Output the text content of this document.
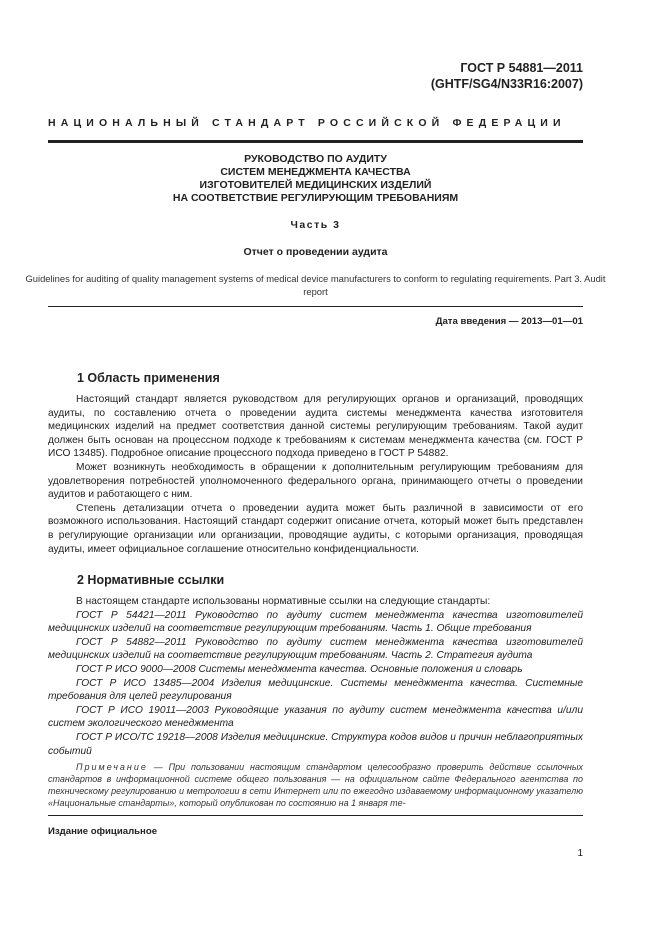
ГОСТ Р 54881—2011
(GHTF/SG4/N33R16:2007)
НАЦИОНАЛЬНЫЙ СТАНДАРТ РОССИЙСКОЙ ФЕДЕРАЦИИ
РУКОВОДСТВО ПО АУДИТУ
СИСТЕМ МЕНЕДЖМЕНТА КАЧЕСТВА
ИЗГОТОВИТЕЛЕЙ МЕДИЦИНСКИХ ИЗДЕЛИЙ
НА СООТВЕТСТВИЕ РЕГУЛИРУЮЩИМ ТРЕБОВАНИЯМ
Часть 3
Отчет о проведении аудита
Guidelines for auditing of quality management systems of medical device manufacturers to conform to regulating requirements. Part 3. Audit report
Дата введения — 2013—01—01
1 Область применения

Настоящий стандарт является руководством для регулирующих органов и организаций, проводящих аудиты, по составлению отчета о проведении аудита системы менеджмента качества изготовителя медицинских изделий на предмет соответствия данной системы регулирующим требованиям. Такой аудит должен быть основан на процессном подходе к требованиям к системам менеджмента качества (см. ГОСТ Р ИСО 13485). Подробное описание процессного подхода приведено в ГОСТ Р 54882.

Может возникнуть необходимость в обращении к дополнительным регулирующим требованиям для удовлетворения потребностей уполномоченного федерального органа, принимающего отчеты о проведении аудитов и работающего с ним.

Степень детализации отчета о проведении аудита может быть различной в зависимости от его возможного использования. Настоящий стандарт содержит описание отчета, который может быть представлен в регулирующие организации или организации, проводящие аудиты, с которыми организация, проводящая аудиты, имеет официальное соглашение относительно конфиденциальности.

2 Нормативные ссылки

В настоящем стандарте использованы нормативные ссылки на следующие стандарты:

ГОСТ Р 54421—2011 Руководство по аудиту систем менеджмента качества изготовителей медицинских изделий на соответствие регулирующим требованиям. Часть 1. Общие требования

ГОСТ Р 54882—2011 Руководство по аудиту систем менеджмента качества изготовителей медицинских изделий на соответствие регулирующим требованиям. Часть 2. Стратегия аудита

ГОСТ Р ИСО 9000—2008 Системы менеджмента качества. Основные положения и словарь

ГОСТ Р ИСО 13485—2004 Изделия медицинские. Системы менеджмента качества. Системные требования для целей регулирования

ГОСТ Р ИСО 19011—2003 Руководящие указания по аудиту систем менеджмента качества и/или систем экологического менеджмента

ГОСТ Р ИСО/ТС 19218—2008 Изделия медицинские. Структура кодов видов и причин неблагоприятных событий

Примечание — При пользовании настоящим стандартом целесообразно проверить действие ссылочных стандартов в информационной системе общего пользования — на официальном сайте Федерального агентства по техническому регулированию и метрологии в сети Интернет или по ежегодно издаваемому информационному указателю «Национальные стандарты», который опубликован по состоянию на 1 января те-
Издание официальное
1
